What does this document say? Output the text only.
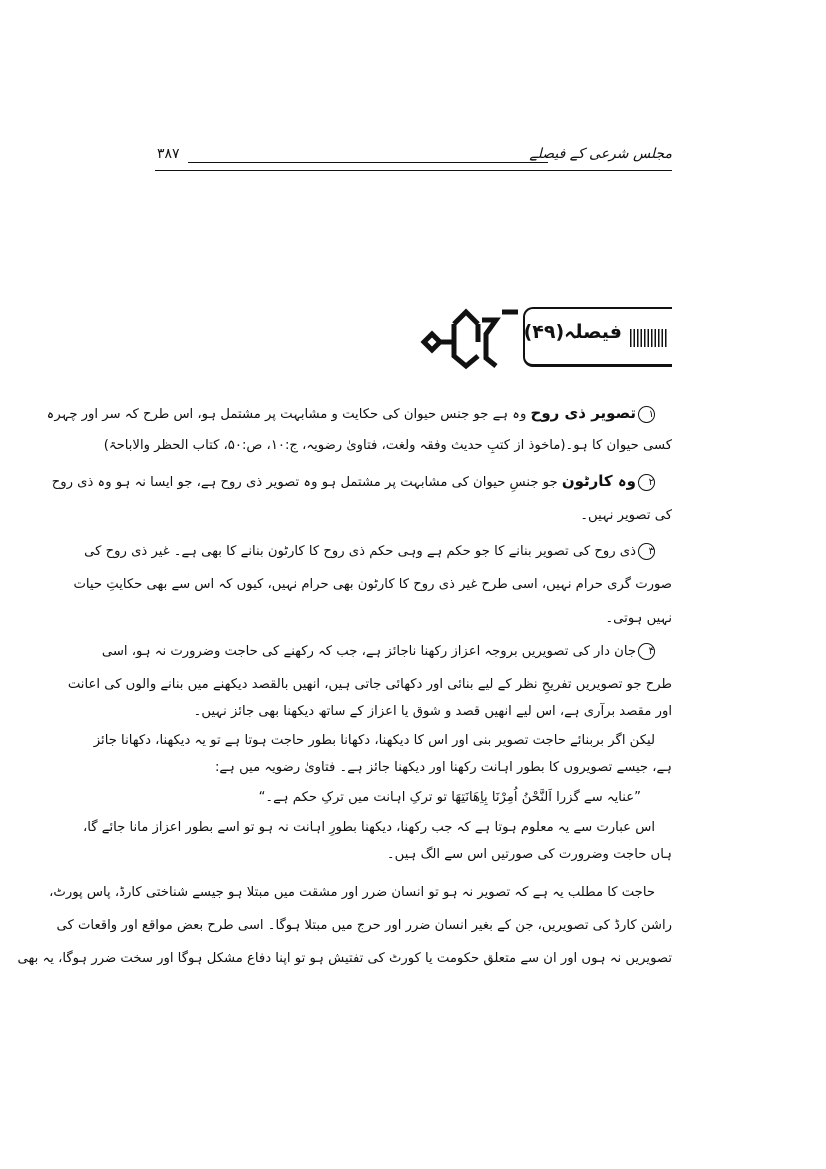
مجلس شرعی کے فیصلے
۳۸۷
فیصلہ(۴۹)
۱تصویر ذی روح وہ ہے جو جنس حیوان کی حکایت و مشابہت پر مشتمل ہو، اس طرح کہ سر اور چہرہ
کسی حیوان کا ہو۔(ماخوذ از کتبِ حدیث وفقہ ولغت، فتاویٰ رضویہ، ج:۱۰، ص:۵۰، کتاب الحظر والاباحۃ)
۲وہ کارٹون جو جنسِ حیوان کی مشابہت پر مشتمل ہو وہ تصویر ذی روح ہے، جو ایسا نہ ہو وہ ذی روح
کی تصویر نہیں۔
۳ذی روح کی تصویر بنانے کا جو حکم ہے وہی حکم ذی روح کا کارٹون بنانے کا بھی ہے۔ غیر ذی روح کی
صورت گری حرام نہیں، اسی طرح غیر ذی روح کا کارٹون بھی حرام نہیں، کیوں کہ اس سے بھی حکایتِ حیات
نہیں ہوتی۔
۴جان دار کی تصویریں بروجہ اعزاز رکھنا ناجائز ہے، جب کہ رکھنے کی حاجت وضرورت نہ ہو، اسی
طرح جو تصویریں تفریحِ نظر کے لیے بنائی اور دکھائی جاتی ہیں، انھیں بالقصد دیکھنے میں بنانے والوں کی اعانت
اور مقصد برآری ہے، اس لیے انھیں قصد و شوق یا اعزاز کے ساتھ دیکھنا بھی جائز نہیں۔
لیکن اگر بربنائے حاجت تصویر بنی اور اس کا دیکھنا، دکھانا بطور حاجت ہوتا ہے تو یہ دیکھنا، دکھانا جائز
ہے، جیسے تصویروں کا بطور اہانت رکھنا اور دیکھنا جائز ہے۔ فتاویٰ رضویہ میں ہے:
”عنایہ سے گزرا اَلنَّحْنُ اُمِرْنَا بِاِھَانَتِھَا تو ترکِ اہانت میں ترکِ حکم ہے۔“
اس عبارت سے یہ معلوم ہوتا ہے کہ جب رکھنا، دیکھنا بطورِ اہانت نہ ہو تو اسے بطور اعزاز مانا جائے گا،
ہاں حاجت وضرورت کی صورتیں اس سے الگ ہیں۔
حاجت کا مطلب یہ ہے کہ تصویر نہ ہو تو انسان ضرر اور مشقت میں مبتلا ہو جیسے شناختی کارڈ، پاس پورٹ،
راشن کارڈ کی تصویریں، جن کے بغیر انسان ضرر اور حرج میں مبتلا ہوگا۔ اسی طرح بعض مواقع اور واقعات کی
تصویریں نہ ہوں اور ان سے متعلق حکومت یا کورٹ کی تفتیش ہو تو اپنا دفاع مشکل ہوگا اور سخت ضرر ہوگا، یہ بھی
